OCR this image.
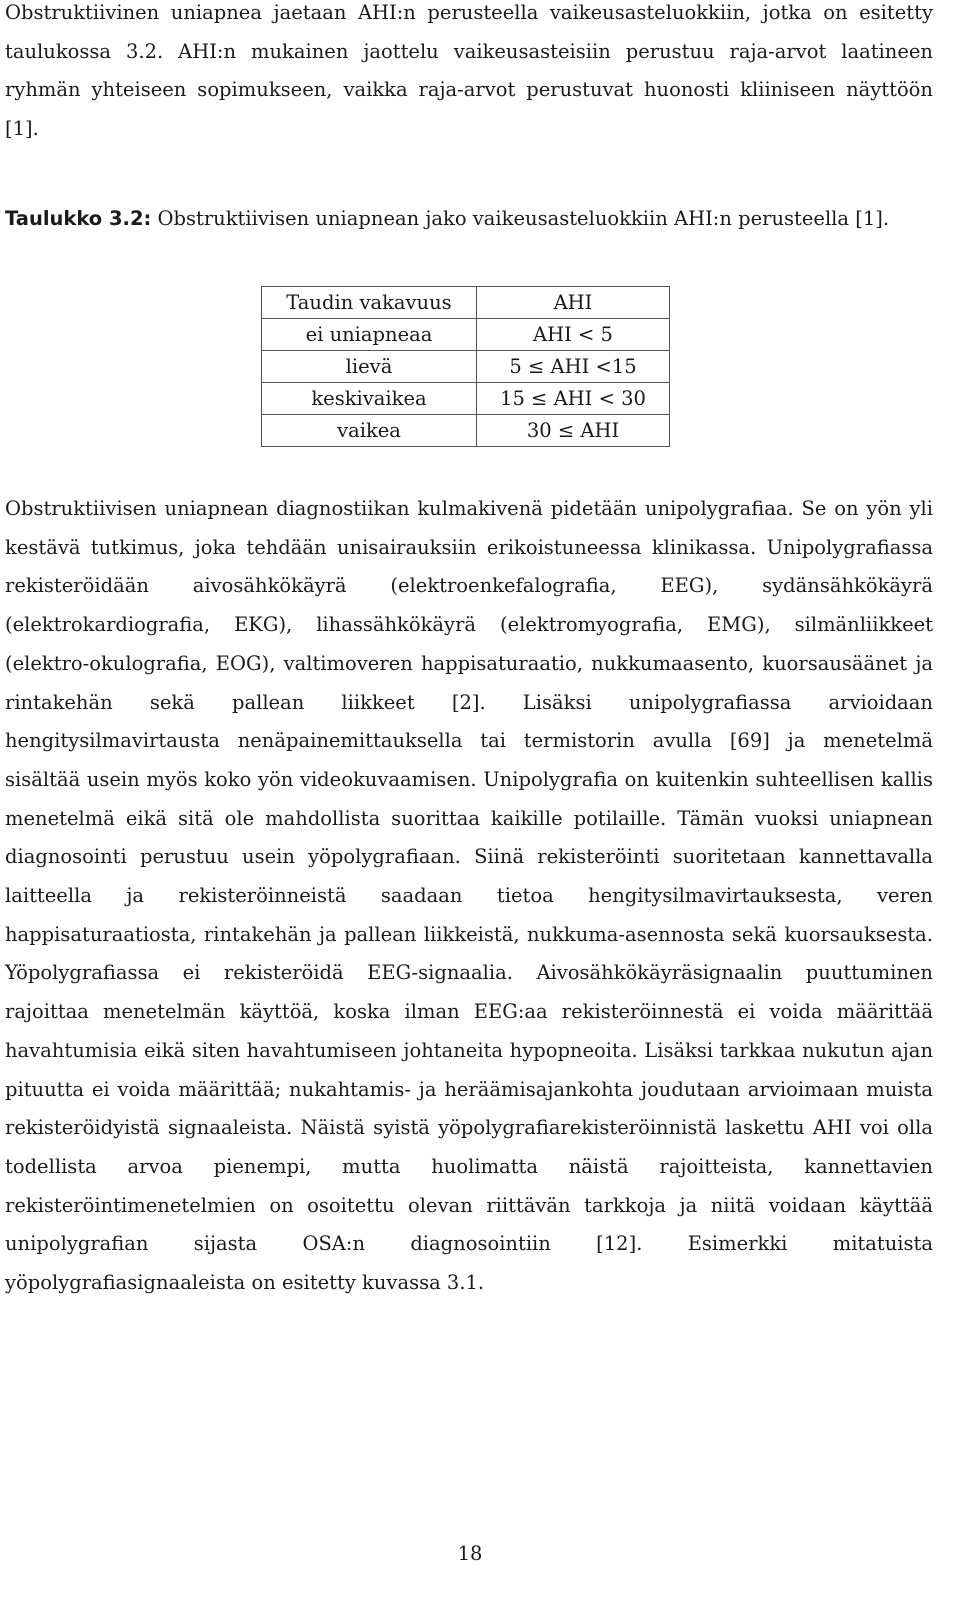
Obstruktiivinen uniapnea jaetaan AHI:n perusteella vaikeusasteluokkiin, jotka on esitetty taulukossa 3.2. AHI:n mukainen jaottelu vaikeusasteisiin perustuu raja-arvot laatineen ryhmän yhteiseen sopimukseen, vaikka raja-arvot perustuvat huonosti kliiniseen näyttöön [1].

Taulukko 3.2: Obstruktiivisen uniapnean jako vaikeusasteluokkiin AHI:n perusteella [1].

Taudin vakavuus	AHI
ei uniapneaa	AHI < 5
lievä	5 ≤ AHI <15
keskivaikea	15 ≤ AHI < 30
vaikea	30 ≤ AHI

Obstruktiivisen uniapnean diagnostiikan kulmakivenä pidetään unipolygrafiaa. Se on yön yli kestävä tutkimus, joka tehdään unisairauksiin erikoistuneessa klinikassa. Unipolygrafiassa rekisteröidään aivosähkökäyrä (elektroenkefalografia, EEG), sydänsähkökäyrä (elektrokardiografia, EKG), lihassähkökäyrä (elektromyografia, EMG), silmänliikkeet (elektro-okulografia, EOG), valtimoveren happisaturaatio, nukkumaasento, kuorsausäänet ja rintakehän sekä pallean liikkeet [2]. Lisäksi unipolygrafiassa arvioidaan hengitysilmavirtausta nenäpainemittauksella tai termistorin avulla [69] ja menetelmä sisältää usein myös koko yön videokuvaamisen. Unipolygrafia on kuitenkin suhteellisen kallis menetelmä eikä sitä ole mahdollista suorittaa kaikille potilaille. Tämän vuoksi uniapnean diagnosointi perustuu usein yöpolygrafiaan. Siinä rekisteröinti suoritetaan kannettavalla laitteella ja rekisteröinneistä saadaan tietoa hengitysilmavirtauksesta, veren happisaturaatiosta, rintakehän ja pallean liikkeistä, nukkuma-asennosta sekä kuorsauksesta. Yöpolygrafiassa ei rekisteröidä EEG-signaalia. Aivosähkökäyräsignaalin puuttuminen rajoittaa menetelmän käyttöä, koska ilman EEG:aa rekisteröinnestä ei voida määrittää havahtumisia eikä siten havahtumiseen johtaneita hypopneoita. Lisäksi tarkkaa nukutun ajan pituutta ei voida määrittää; nukahtamis- ja heräämisajankohta joudutaan arvioimaan muista rekisteröidyistä signaaleista. Näistä syistä yöpolygrafiarekisteröinnistä laskettu AHI voi olla todellista arvoa pienempi, mutta huolimatta näistä rajoitteista, kannettavien rekisteröintimenetelmien on osoitettu olevan riittävän tarkkoja ja niitä voidaan käyttää unipolygrafian sijasta OSA:n diagnosointiin [12]. Esimerkki mitatuista yöpolygrafiasignaaleista on esitetty kuvassa 3.1.

18
